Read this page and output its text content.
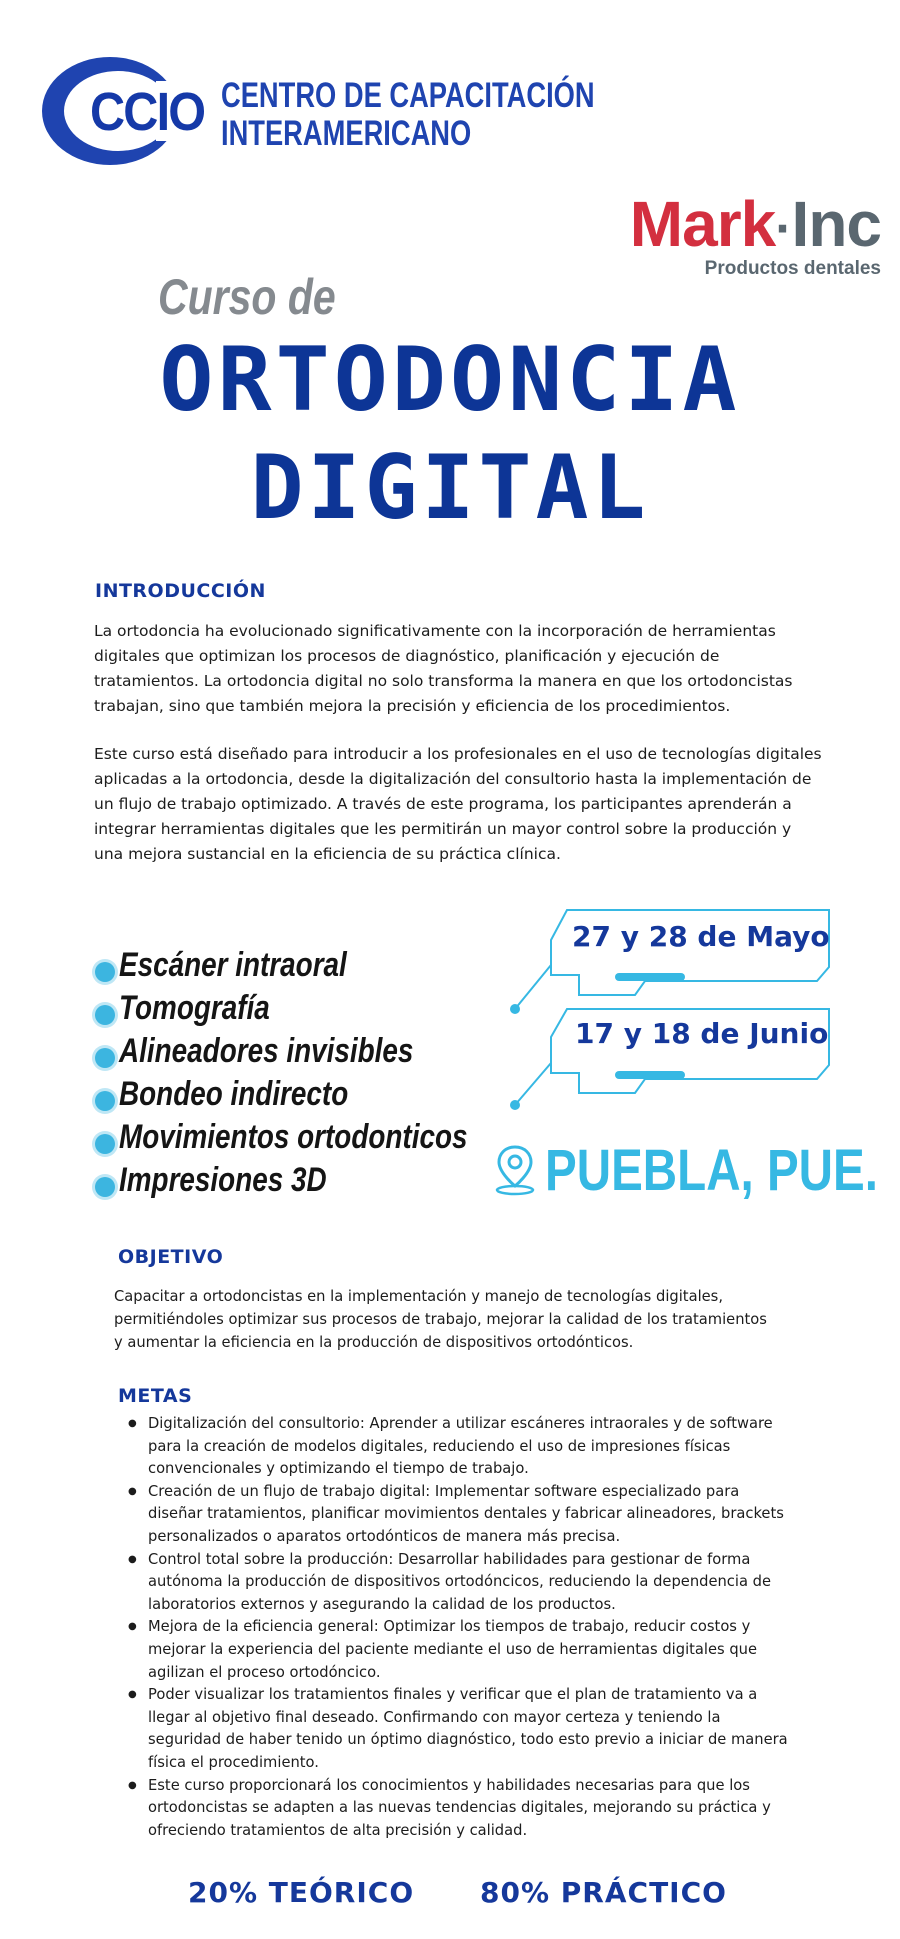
CCIO CENTRO DE CAPACITACIÓN
INTERAMERICANO
Mark·Inc
Productos dentales
Curso de
ORTODONCIA
DIGITAL
INTRODUCCIÓN
La ortodoncia ha evolucionado significativamente con la incorporación de herramientas digitales que optimizan los procesos de diagnóstico, planificación y ejecución de tratamientos. La ortodoncia digital no solo transforma la manera en que los ortodoncistas trabajan, sino que también mejora la precisión y eficiencia de los procedimientos.
Este curso está diseñado para introducir a los profesionales en el uso de tecnologías digitales aplicadas a la ortodoncia, desde la digitalización del consultorio hasta la implementación de un flujo de trabajo optimizado. A través de este programa, los participantes aprenderán a integrar herramientas digitales que les permitirán un mayor control sobre la producción y una mejora sustancial en la eficiencia de su práctica clínica.
Escáner intraoral
Tomografía
Alineadores invisibles
Bondeo indirecto
Movimientos ortodonticos
Impresiones 3D
27 y 28 de Mayo
17 y 18 de Junio
PUEBLA, PUE.
OBJETIVO
Capacitar a ortodoncistas en la implementación y manejo de tecnologías digitales, permitiéndoles optimizar sus procesos de trabajo, mejorar la calidad de los tratamientos y aumentar la eficiencia en la producción de dispositivos ortodónticos.
METAS
● Digitalización del consultorio: Aprender a utilizar escáneres intraorales y de software para la creación de modelos digitales, reduciendo el uso de impresiones físicas convencionales y optimizando el tiempo de trabajo.
● Creación de un flujo de trabajo digital: Implementar software especializado para diseñar tratamientos, planificar movimientos dentales y fabricar alineadores, brackets personalizados o aparatos ortodónticos de manera más precisa.
● Control total sobre la producción: Desarrollar habilidades para gestionar de forma autónoma la producción de dispositivos ortodóncicos, reduciendo la dependencia de laboratorios externos y asegurando la calidad de los productos.
● Mejora de la eficiencia general: Optimizar los tiempos de trabajo, reducir costos y mejorar la experiencia del paciente mediante el uso de herramientas digitales que agilizan el proceso ortodóncico.
● Poder visualizar los tratamientos finales y verificar que el plan de tratamiento va a llegar al objetivo final deseado. Confirmando con mayor certeza y teniendo la seguridad de haber tenido un óptimo diagnóstico, todo esto previo a iniciar de manera física el procedimiento.
● Este curso proporcionará los conocimientos y habilidades necesarias para que los ortodoncistas se adapten a las nuevas tendencias digitales, mejorando su práctica y ofreciendo tratamientos de alta precisión y calidad.
20% TEÓRICO 80% PRÁCTICO
